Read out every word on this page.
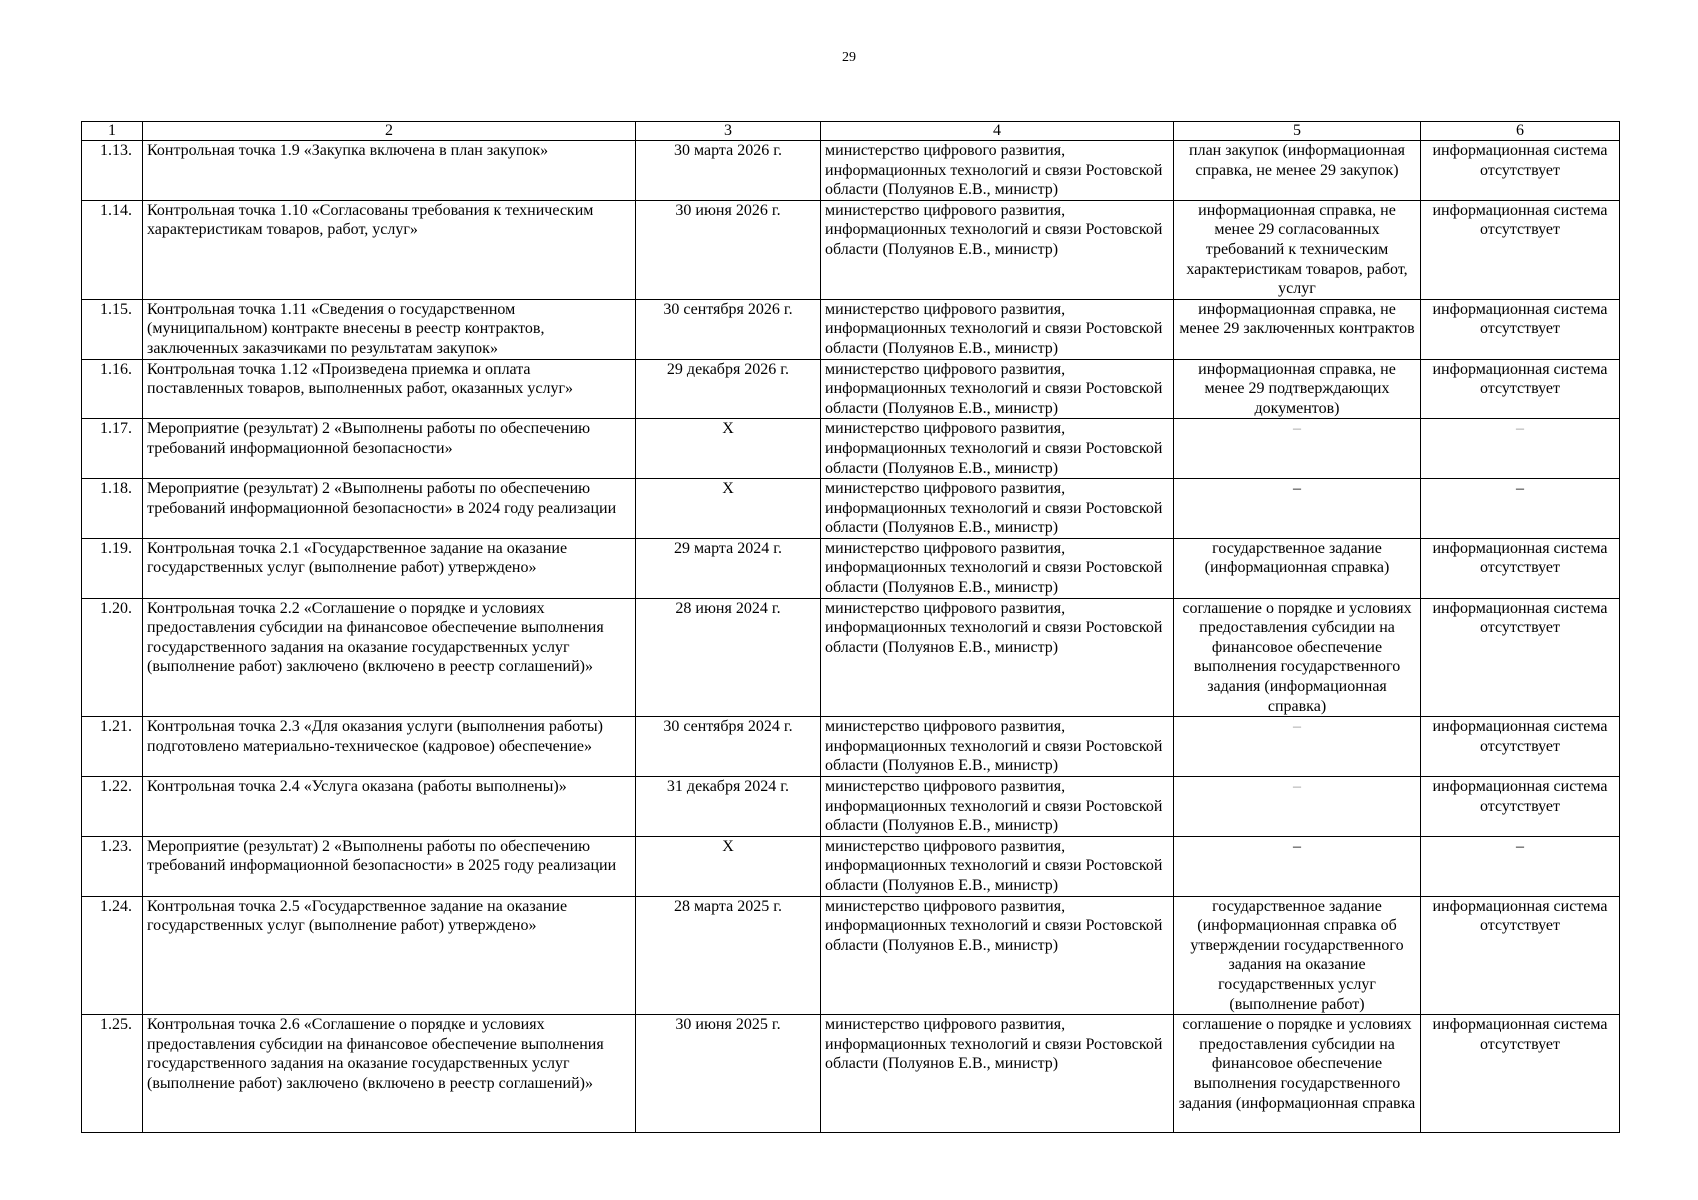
29
1	2	3	4	5	6
1.13.	Контрольная точка 1.9 «Закупка включена в план закупок»	30 марта 2026 г.	министерство цифрового развития, информационных технологий и связи Ростовской области (Полуянов Е.В., министр)	план закупок (информационная справка, не менее 29 закупок)	информационная система отсутствует
1.14.	Контрольная точка 1.10 «Согласованы требования к техническим характеристикам товаров, работ, услуг»	30 июня 2026 г.	министерство цифрового развития, информационных технологий и связи Ростовской области (Полуянов Е.В., министр)	информационная справка, не менее 29 согласованных требований к техническим характеристикам товаров, работ, услуг	информационная система отсутствует
1.15.	Контрольная точка 1.11 «Сведения о государственном (муниципальном) контракте внесены в реестр контрактов, заключенных заказчиками по результатам закупок»	30 сентября 2026 г.	министерство цифрового развития, информационных технологий и связи Ростовской области (Полуянов Е.В., министр)	информационная справка, не менее 29 заключенных контрактов	информационная система отсутствует
1.16.	Контрольная точка 1.12 «Произведена приемка и оплата поставленных товаров, выполненных работ, оказанных услуг»	29 декабря 2026 г.	министерство цифрового развития, информационных технологий и связи Ростовской области (Полуянов Е.В., министр)	информационная справка, не менее 29 подтверждающих документов)	информационная система отсутствует
1.17.	Мероприятие (результат) 2 «Выполнены работы по обеспечению требований информационной безопасности»	Х	министерство цифрового развития, информационных технологий и связи Ростовской области (Полуянов Е.В., министр)	–	–
1.18.	Мероприятие (результат) 2 «Выполнены работы по обеспечению требований информационной безопасности» в 2024 году реализации	Х	министерство цифрового развития, информационных технологий и связи Ростовской области (Полуянов Е.В., министр)	–	–
1.19.	Контрольная точка 2.1 «Государственное задание на оказание государственных услуг (выполнение работ) утверждено»	29 марта 2024 г.	министерство цифрового развития, информационных технологий и связи Ростовской области (Полуянов Е.В., министр)	государственное задание (информационная справка)	информационная система отсутствует
1.20.	Контрольная точка 2.2 «Соглашение о порядке и условиях предоставления субсидии на финансовое обеспечение выполнения государственного задания на оказание государственных услуг (выполнение работ) заключено (включено в реестр соглашений)»	28 июня 2024 г.	министерство цифрового развития, информационных технологий и связи Ростовской области (Полуянов Е.В., министр)	соглашение о порядке и условиях предоставления субсидии на финансовое обеспечение выполнения государственного задания (информационная справка)	информационная система отсутствует
1.21.	Контрольная точка 2.3 «Для оказания услуги (выполнения работы) подготовлено материально-техническое (кадровое) обеспечение»	30 сентября 2024 г.	министерство цифрового развития, информационных технологий и связи Ростовской области (Полуянов Е.В., министр)	–	информационная система отсутствует
1.22.	Контрольная точка 2.4 «Услуга оказана (работы выполнены)»	31 декабря 2024 г.	министерство цифрового развития, информационных технологий и связи Ростовской области (Полуянов Е.В., министр)	–	информационная система отсутствует
1.23.	Мероприятие (результат) 2 «Выполнены работы по обеспечению требований информационной безопасности» в 2025 году реализации	Х	министерство цифрового развития, информационных технологий и связи Ростовской области (Полуянов Е.В., министр)	–	–
1.24.	Контрольная точка 2.5 «Государственное задание на оказание государственных услуг (выполнение работ) утверждено»	28 марта 2025 г.	министерство цифрового развития, информационных технологий и связи Ростовской области (Полуянов Е.В., министр)	государственное задание (информационная справка об утверждении государственного задания на оказание государственных услуг (выполнение работ)	информационная система отсутствует
1.25.	Контрольная точка 2.6 «Соглашение о порядке и условиях предоставления субсидии на финансовое обеспечение выполнения государственного задания на оказание государственных услуг (выполнение работ) заключено (включено в реестр соглашений)»	30 июня 2025 г.	министерство цифрового развития, информационных технологий и связи Ростовской области (Полуянов Е.В., министр)	соглашение о порядке и условиях предоставления субсидии на финансовое обеспечение выполнения государственного задания (информационная справка	информационная система отсутствует
